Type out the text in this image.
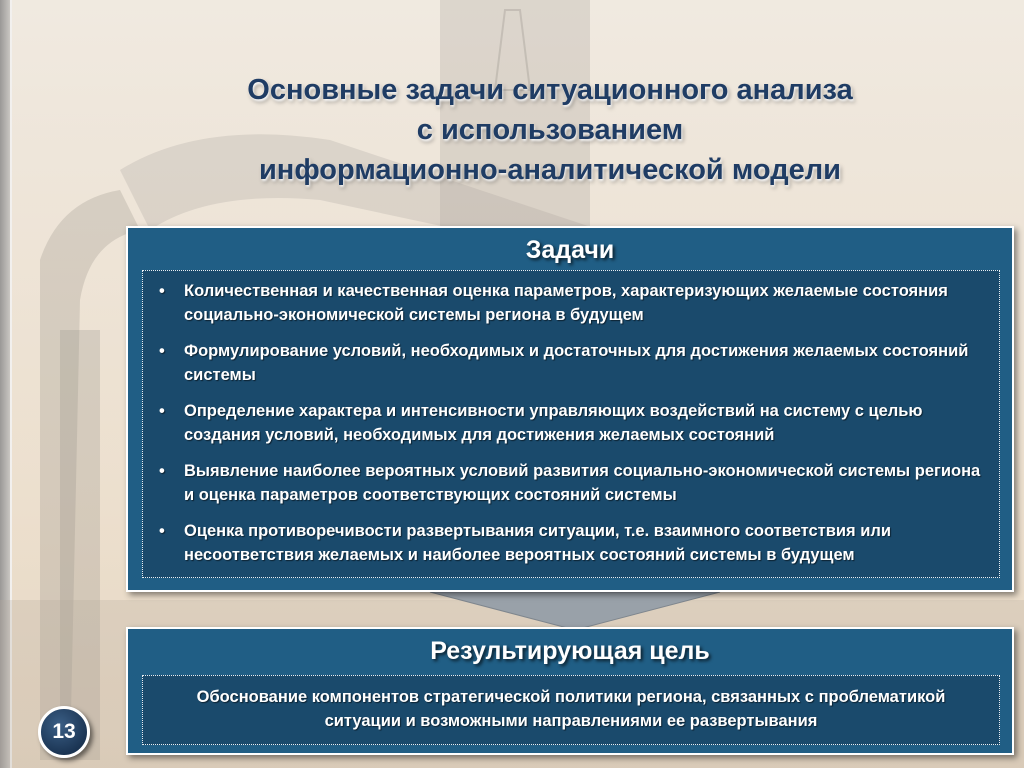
Основные задачи ситуационного анализа
с использованием
информационно-аналитической модели
Задачи
• Количественная и качественная оценка параметров, характеризующих желаемые состояния социально-экономической системы региона в будущем
• Формулирование условий, необходимых и достаточных для достижения желаемых состояний системы
• Определение характера и интенсивности управляющих воздействий на систему с целью создания условий, необходимых для достижения желаемых состояний
• Выявление наиболее вероятных условий развития социально-экономической системы региона и оценка параметров соответствующих состояний системы
• Оценка противоречивости развертывания ситуации, т.е. взаимного соответствия или несоответствия желаемых и наиболее вероятных состояний системы в будущем
Результирующая цель
Обоснование компонентов стратегической политики региона, связанных с проблематикой ситуации и возможными направлениями ее развертывания
13
